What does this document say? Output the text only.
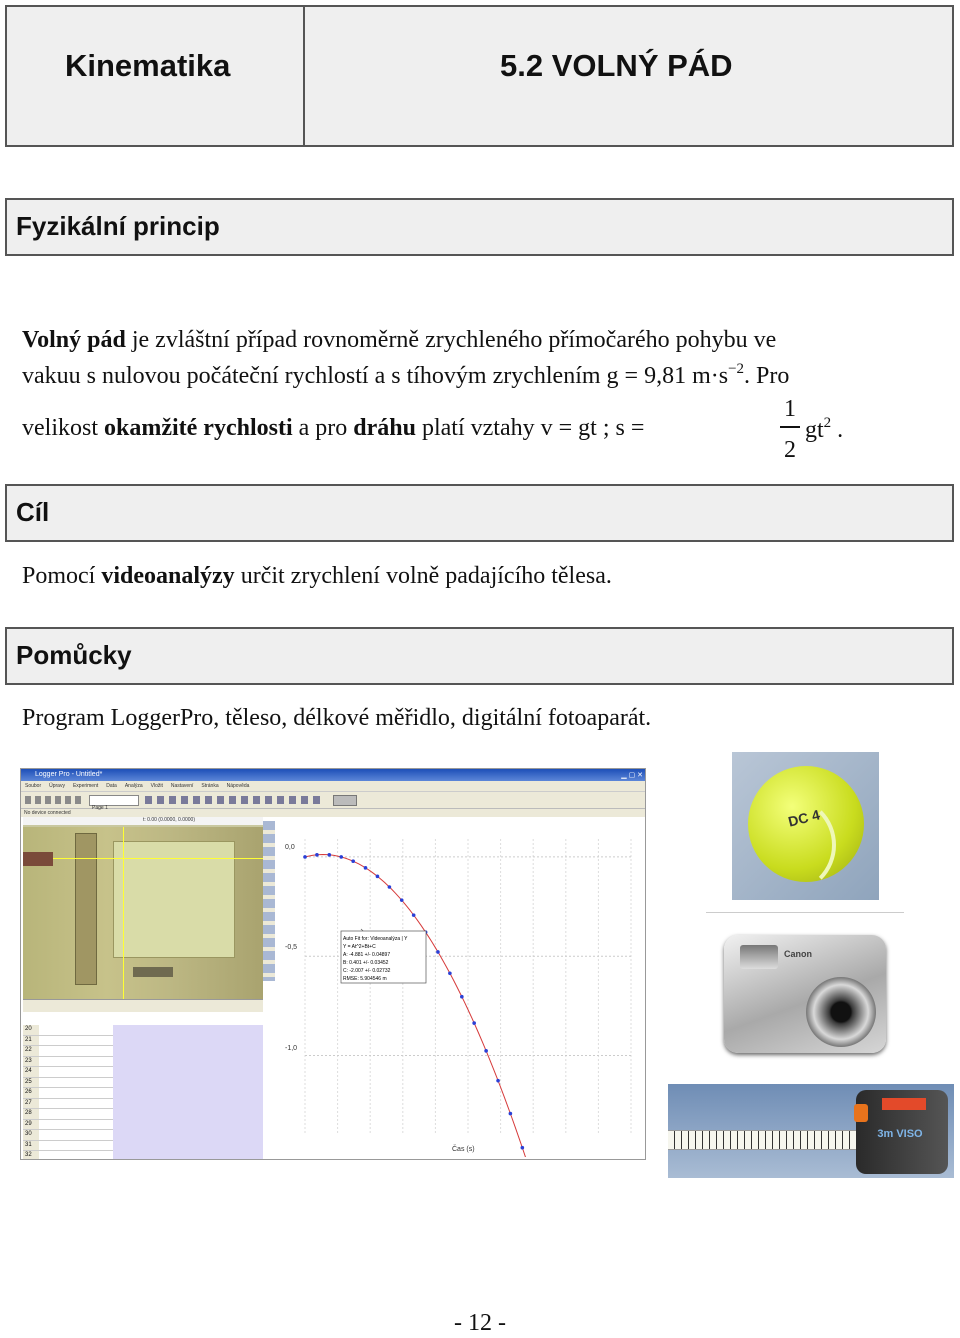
Kinematika	5.2 VOLNÝ PÁD
Fyzikální princip
Volný pád je zvláštní případ rovnoměrně zrychleného přímočarého pohybu ve
vakuu s nulovou počáteční rychlostí a s tíhovým zrychlením g = 9,81 $m\cdot s^{-2}$. Pro
velikost okamžité rychlosti a pro dráhu platí vztahy v = gt ; s =
1
2
$gt^2$ .
Cíl
Pomocí videoanalýzy určit zrychlení volně padajícího tělesa.
Pomůcky
Program LoggerPro, těleso, délkové měřidlo, digitální fotoaparát.
Logger Pro - Untitled*	▁ ▢ ✕
Soubor Úpravy Experiment Data Analýza Vložit Nastavení Stránka Nápověda
Page 1
No device connected
t: 0.00 (0.0000, 0.0000)
20
21
22
23
24
25
26
27
28
29
30
31
32
0,0
-0,5
-1,0
Čas (s)
Auto Fit for: Videoanalýza | Y
Y = At^2+Bt+C
A: -4.881 +/- 0.04897
B: 0.401 +/- 0.03452
C: -2.007 +/- 0.02732
RMSE: 5.904546 m
DC 4
Canon
3m VISO
- 12 -
